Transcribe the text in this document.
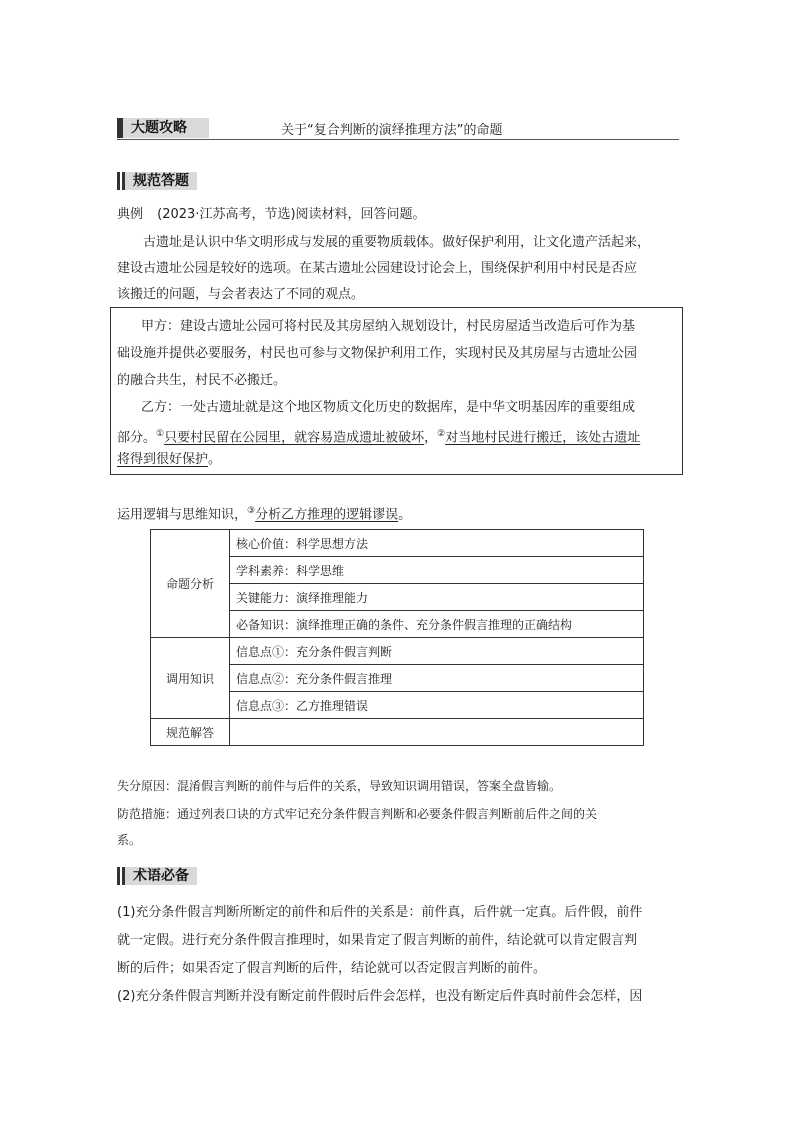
大题攻略	关于“复合判断的演绎推理方法”的命题
规范答题
典例 (2023·江苏高考，节选)阅读材料，回答问题。
古遗址是认识中华文明形成与发展的重要物质载体。做好保护利用，让文化遗产活起来，
建设古遗址公园是较好的选项。在某古遗址公园建设讨论会上，围绕保护利用中村民是否应
该搬迁的问题，与会者表达了不同的观点。
甲方：建设古遗址公园可将村民及其房屋纳入规划设计，村民房屋适当改造后可作为基
础设施并提供必要服务，村民也可参与文物保护利用工作，实现村民及其房屋与古遗址公园
的融合共生，村民不必搬迁。
乙方：一处古遗址就是这个地区物质文化历史的数据库，是中华文明基因库的重要组成
部分。①只要村民留在公园里，就容易造成遗址被破坏，②对当地村民进行搬迁，该处古遗址
将得到很好保护。
运用逻辑与思维知识，③分析乙方推理的逻辑谬误。
命题分析	核心价值：科学思想方法
	学科素养：科学思维
	关键能力：演绎推理能力
	必备知识：演绎推理正确的条件、充分条件假言推理的正确结构
调用知识	信息点①：充分条件假言判断
	信息点②：充分条件假言推理
	信息点③：乙方推理错误
规范解答	
失分原因：混淆假言判断的前件与后件的关系，导致知识调用错误，答案全盘皆输。
防范措施：通过列表口诀的方式牢记充分条件假言判断和必要条件假言判断前后件之间的关
系。
术语必备
(1)充分条件假言判断所断定的前件和后件的关系是：前件真，后件就一定真。后件假，前件
就一定假。进行充分条件假言推理时，如果肯定了假言判断的前件，结论就可以肯定假言判
断的后件；如果否定了假言判断的后件，结论就可以否定假言判断的前件。
(2)充分条件假言判断并没有断定前件假时后件会怎样，也没有断定后件真时前件会怎样，因
